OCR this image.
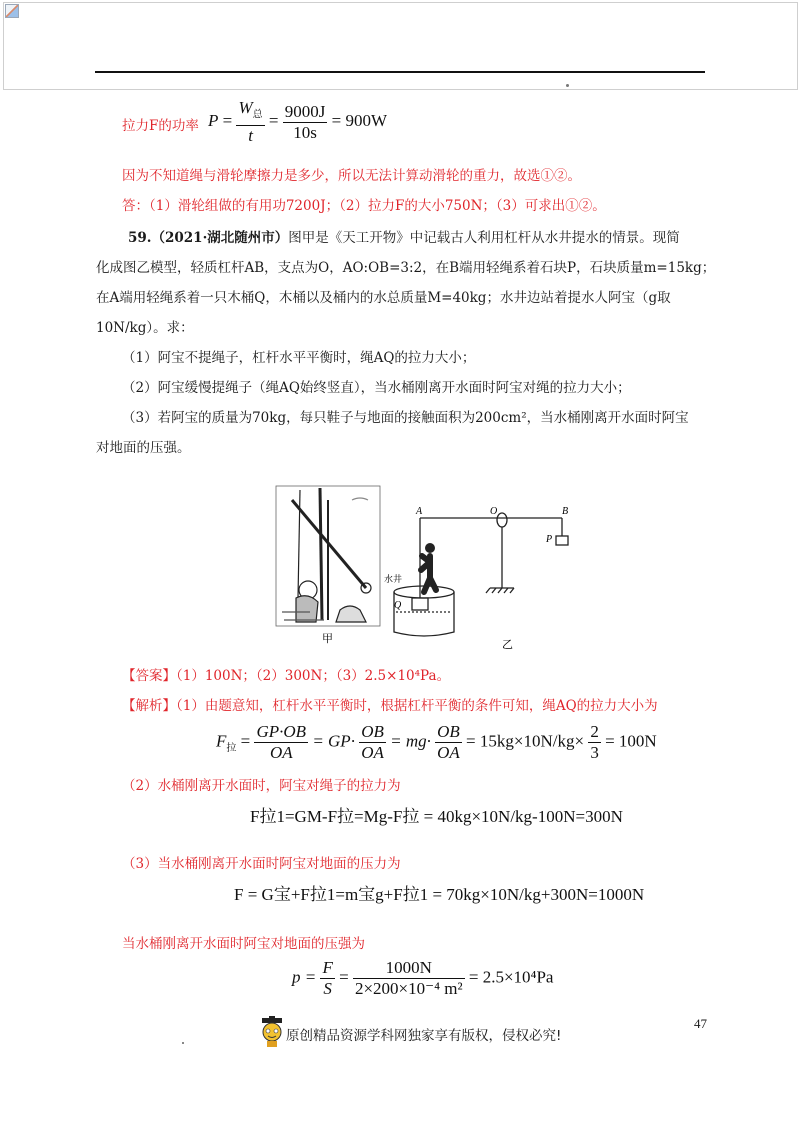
拉力F的功率 $P = \frac{W_总}{t} = \frac{9000J}{10s} = 900W$
因为不知道绳与滑轮摩擦力是多少，所以无法计算动滑轮的重力，故选①②。
答：（1）滑轮组做的有用功7200J；（2）拉力F的大小750N；（3）可求出①②。
59.（2021·湖北随州市）图甲是《天工开物》中记载古人利用杠杆从水井提水的情景。现简
化成图乙模型，轻质杠杆AB，支点为O，AO:OB=3:2，在B端用轻绳系着石块P，石块质量m=15kg；
在A端用轻绳系着一只木桶Q，木桶以及桶内的水总质量M=40kg；水井边站着提水人阿宝（g取
10N/kg）。求：
（1）阿宝不提绳子，杠杆水平平衡时，绳AQ的拉力大小；
（2）阿宝缓慢提绳子（绳AQ始终竖直），当水桶刚离开水面时阿宝对绳的拉力大小；
（3）若阿宝的质量为70kg，每只鞋子与地面的接触面积为200cm²，当水桶刚离开水面时阿宝
对地面的压强。
甲
A	O	B
P
Q
水井
乙
【答案】（1）100N；（2）300N；（3）2.5×10⁴Pa。
【解析】（1）由题意知，杠杆水平平衡时，根据杠杆平衡的条件可知，绳AQ的拉力大小为
$F_拉 = \frac{GP\cdot OB}{OA} = GP\cdot \frac{OB}{OA} = mg\cdot \frac{OB}{OA} = 15kg\times 10N/kg\times \frac{2}{3} = 100N$
（2）水桶刚离开水面时，阿宝对绳子的拉力为
F拉1=GM-F拉=Mg-F拉 = 40kg×10N/kg-100N=300N
（3）当水桶刚离开水面时阿宝对地面的压力为
F = G宝+F拉1=m宝g+F拉1 = 70kg×10N/kg+300N=1000N
当水桶刚离开水面时阿宝对地面的压强为
$p = \frac{F}{S} = \frac{1000N}{\text{2×200×10⁻⁴ m²}} = 2.5\times 10^4Pa$
47
原创精品资源学科网独家享有版权，侵权必究!
